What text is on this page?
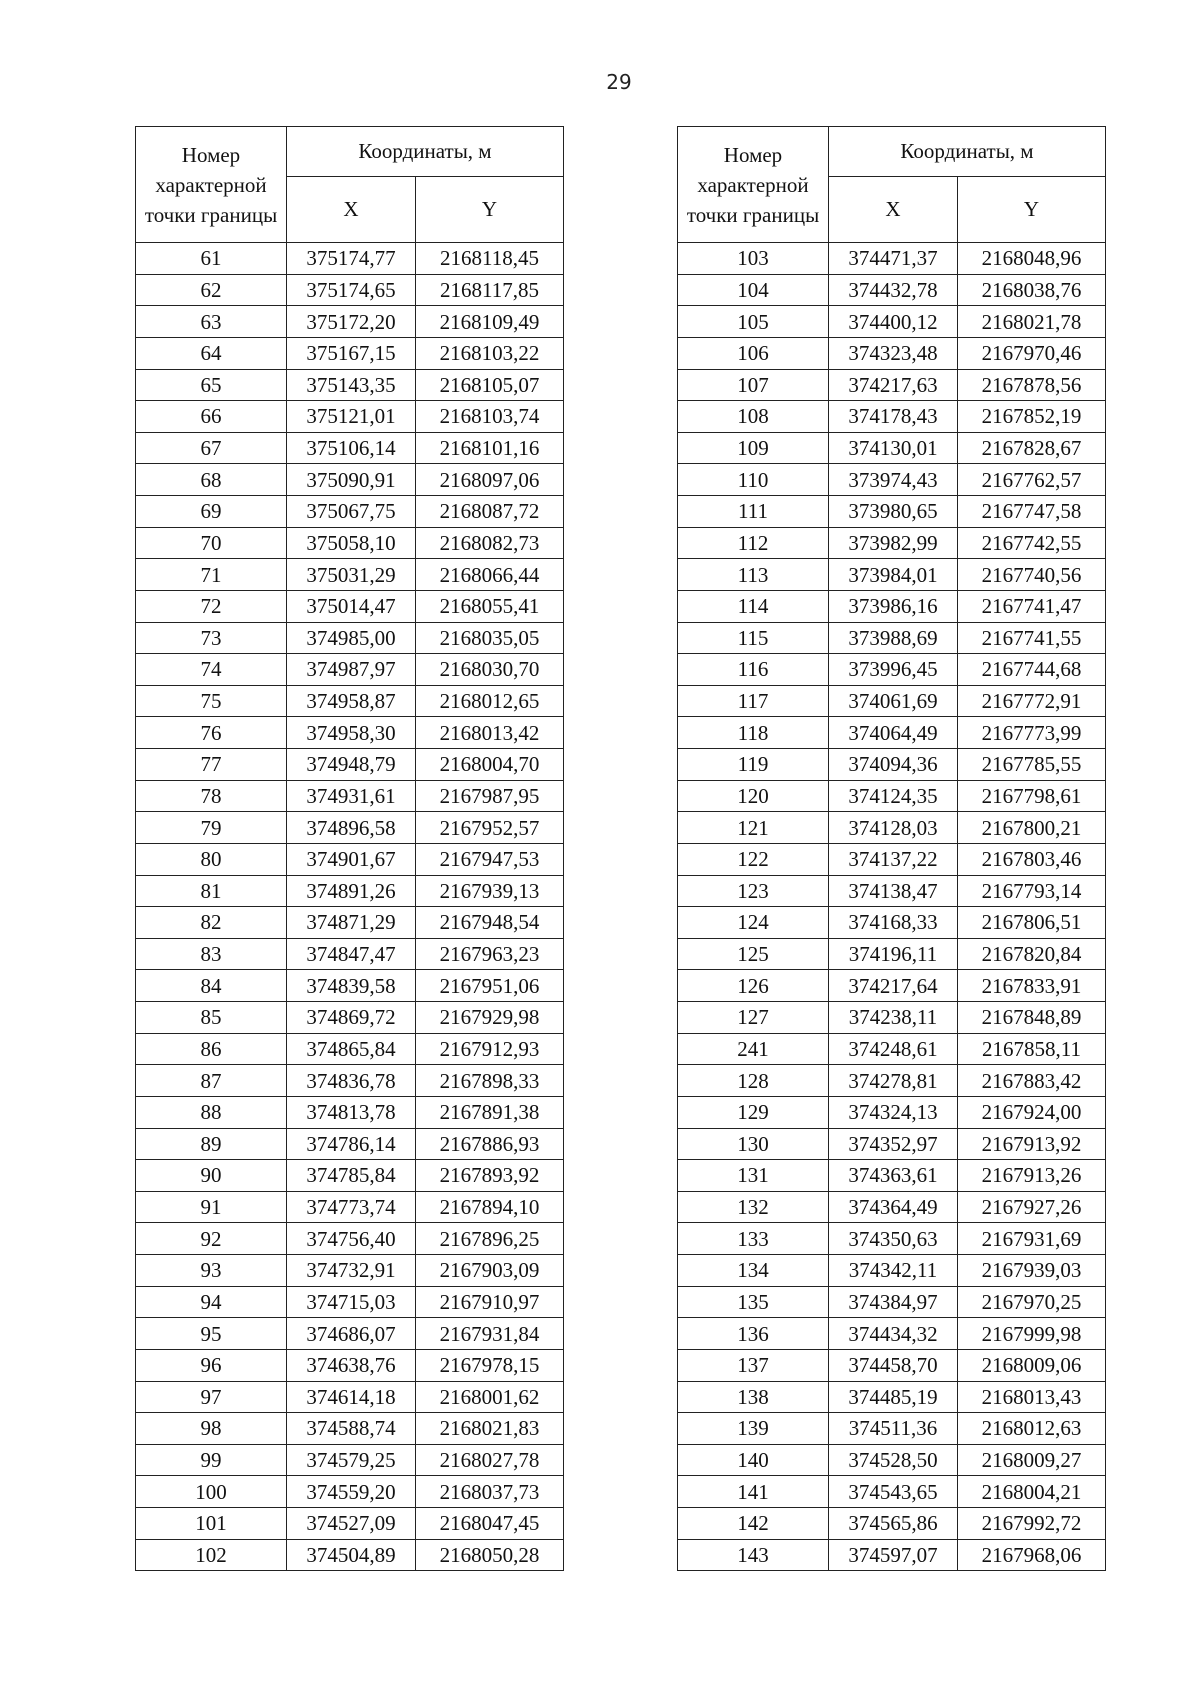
29
Номер характерной точки границы	Координаты, м	
	X	Y
61	375174,77	2168118,45
62	375174,65	2168117,85
63	375172,20	2168109,49
64	375167,15	2168103,22
65	375143,35	2168105,07
66	375121,01	2168103,74
67	375106,14	2168101,16
68	375090,91	2168097,06
69	375067,75	2168087,72
70	375058,10	2168082,73
71	375031,29	2168066,44
72	375014,47	2168055,41
73	374985,00	2168035,05
74	374987,97	2168030,70
75	374958,87	2168012,65
76	374958,30	2168013,42
77	374948,79	2168004,70
78	374931,61	2167987,95
79	374896,58	2167952,57
80	374901,67	2167947,53
81	374891,26	2167939,13
82	374871,29	2167948,54
83	374847,47	2167963,23
84	374839,58	2167951,06
85	374869,72	2167929,98
86	374865,84	2167912,93
87	374836,78	2167898,33
88	374813,78	2167891,38
89	374786,14	2167886,93
90	374785,84	2167893,92
91	374773,74	2167894,10
92	374756,40	2167896,25
93	374732,91	2167903,09
94	374715,03	2167910,97
95	374686,07	2167931,84
96	374638,76	2167978,15
97	374614,18	2168001,62
98	374588,74	2168021,83
99	374579,25	2168027,78
100	374559,20	2168037,73
101	374527,09	2168047,45
102	374504,89	2168050,28
Номер характерной точки границы	Координаты, м	
	X	Y
103	374471,37	2168048,96
104	374432,78	2168038,76
105	374400,12	2168021,78
106	374323,48	2167970,46
107	374217,63	2167878,56
108	374178,43	2167852,19
109	374130,01	2167828,67
110	373974,43	2167762,57
111	373980,65	2167747,58
112	373982,99	2167742,55
113	373984,01	2167740,56
114	373986,16	2167741,47
115	373988,69	2167741,55
116	373996,45	2167744,68
117	374061,69	2167772,91
118	374064,49	2167773,99
119	374094,36	2167785,55
120	374124,35	2167798,61
121	374128,03	2167800,21
122	374137,22	2167803,46
123	374138,47	2167793,14
124	374168,33	2167806,51
125	374196,11	2167820,84
126	374217,64	2167833,91
127	374238,11	2167848,89
241	374248,61	2167858,11
128	374278,81	2167883,42
129	374324,13	2167924,00
130	374352,97	2167913,92
131	374363,61	2167913,26
132	374364,49	2167927,26
133	374350,63	2167931,69
134	374342,11	2167939,03
135	374384,97	2167970,25
136	374434,32	2167999,98
137	374458,70	2168009,06
138	374485,19	2168013,43
139	374511,36	2168012,63
140	374528,50	2168009,27
141	374543,65	2168004,21
142	374565,86	2167992,72
143	374597,07	2167968,06
